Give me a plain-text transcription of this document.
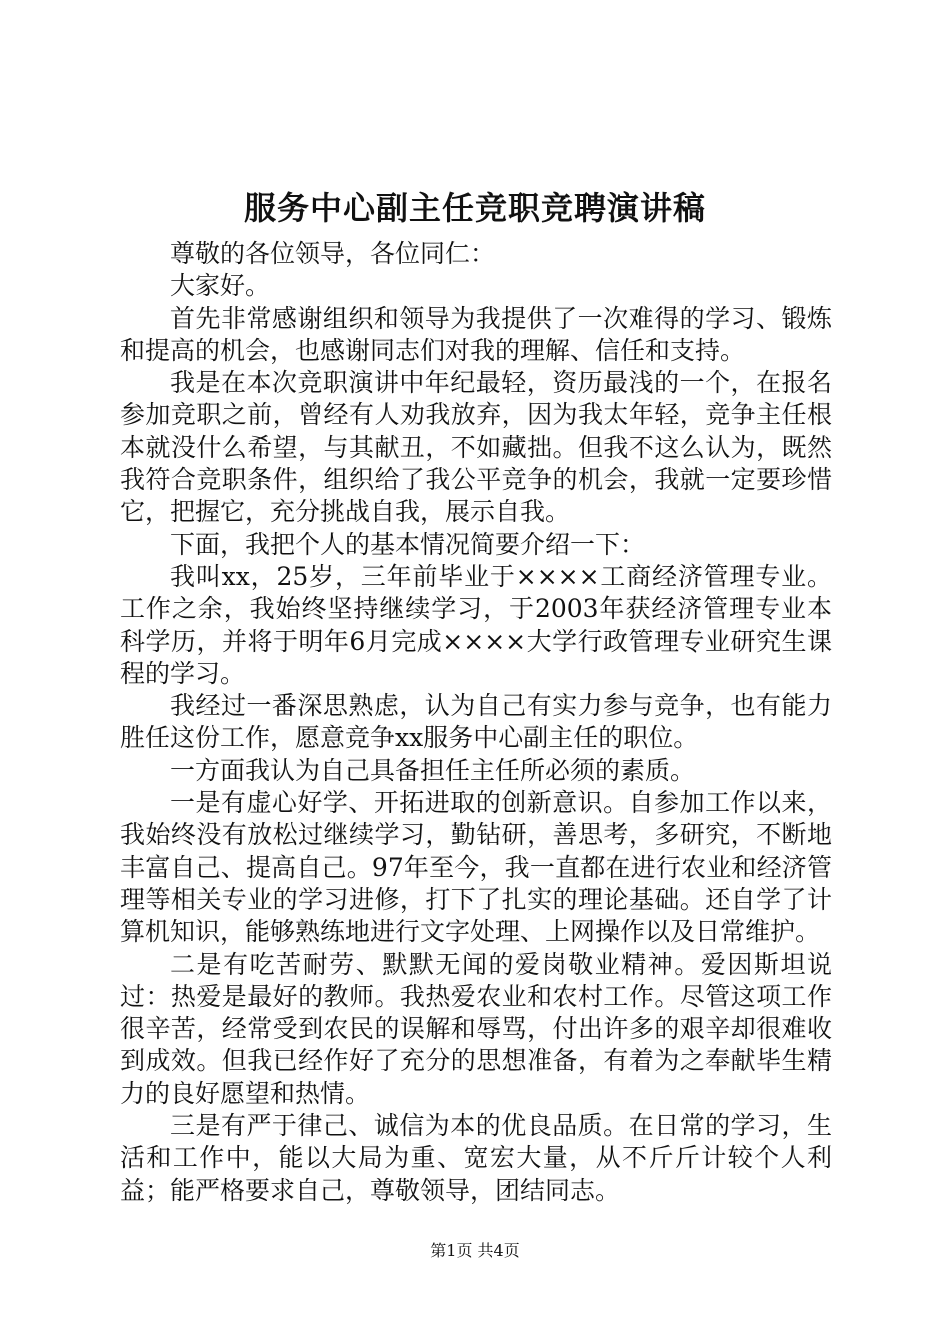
服务中心副主任竞职竞聘演讲稿

尊敬的各位领导，各位同仁：

大家好。

首先非常感谢组织和领导为我提供了一次难得的学习、锻炼和提高的机会，也感谢同志们对我的理解、信任和支持。

我是在本次竞职演讲中年纪最轻，资历最浅的一个，在报名参加竞职之前，曾经有人劝我放弃，因为我太年轻，竞争主任根本就没什么希望，与其献丑，不如藏拙。但我不这么认为，既然我符合竞职条件，组织给了我公平竞争的机会，我就一定要珍惜它，把握它，充分挑战自我，展示自我。

下面，我把个人的基本情况简要介绍一下：

我叫xx，25岁，三年前毕业于××××工商经济管理专业。工作之余，我始终坚持继续学习，于2003年获经济管理专业本科学历，并将于明年6月完成××××大学行政管理专业研究生课程的学习。

我经过一番深思熟虑，认为自己有实力参与竞争，也有能力胜任这份工作，愿意竞争xx服务中心副主任的职位。

一方面我认为自己具备担任主任所必须的素质。

一是有虚心好学、开拓进取的创新意识。自参加工作以来，我始终没有放松过继续学习，勤钻研，善思考，多研究，不断地丰富自己、提高自己。97年至今，我一直都在进行农业和经济管理等相关专业的学习进修，打下了扎实的理论基础。还自学了计算机知识，能够熟练地进行文字处理、上网操作以及日常维护。

二是有吃苦耐劳、默默无闻的爱岗敬业精神。爱因斯坦说过：热爱是最好的教师。我热爱农业和农村工作。尽管这项工作很辛苦，经常受到农民的误解和辱骂，付出许多的艰辛却很难收到成效。但我已经作好了充分的思想准备，有着为之奉献毕生精力的良好愿望和热情。

三是有严于律己、诚信为本的优良品质。在日常的学习，生活和工作中，能以大局为重、宽宏大量，从不斤斤计较个人利益；能严格要求自己，尊敬领导，团结同志。

第1页 共4页
